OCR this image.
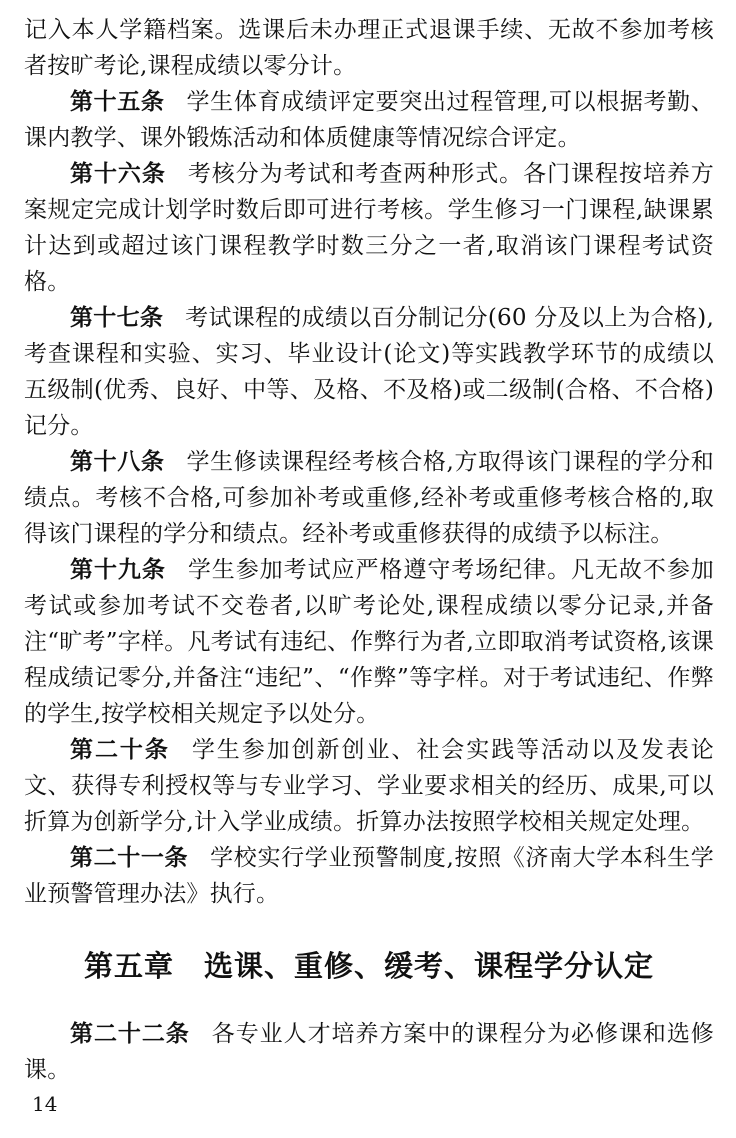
记入本人学籍档案。选课后未办理正式退课手续、无故不参加考核者按旷考论,课程成绩以零分计。

第十五条 学生体育成绩评定要突出过程管理,可以根据考勤、课内教学、课外锻炼活动和体质健康等情况综合评定。

第十六条 考核分为考试和考查两种形式。各门课程按培养方案规定完成计划学时数后即可进行考核。学生修习一门课程,缺课累计达到或超过该门课程教学时数三分之一者,取消该门课程考试资格。

第十七条 考试课程的成绩以百分制记分(60 分及以上为合格),考查课程和实验、实习、毕业设计(论文)等实践教学环节的成绩以五级制(优秀、良好、中等、及格、不及格)或二级制(合格、不合格)记分。

第十八条 学生修读课程经考核合格,方取得该门课程的学分和绩点。考核不合格,可参加补考或重修,经补考或重修考核合格的,取得该门课程的学分和绩点。经补考或重修获得的成绩予以标注。

第十九条 学生参加考试应严格遵守考场纪律。凡无故不参加考试或参加考试不交卷者,以旷考论处,课程成绩以零分记录,并备注“旷考”字样。凡考试有违纪、作弊行为者,立即取消考试资格,该课程成绩记零分,并备注“违纪”、“作弊”等字样。对于考试违纪、作弊的学生,按学校相关规定予以处分。

第二十条 学生参加创新创业、社会实践等活动以及发表论文、获得专利授权等与专业学习、学业要求相关的经历、成果,可以折算为创新学分,计入学业成绩。折算办法按照学校相关规定处理。

第二十一条 学校实行学业预警制度,按照《济南大学本科生学业预警管理办法》执行。

第五章　选课、重修、缓考、课程学分认定

第二十二条 各专业人才培养方案中的课程分为必修课和选修课。

14
